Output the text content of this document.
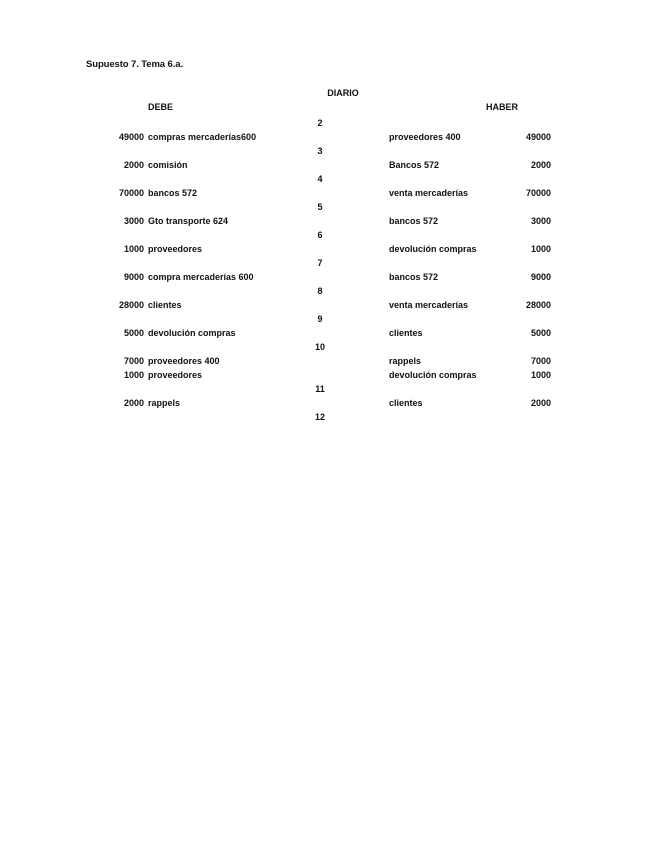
Supuesto 7. Tema 6.a.
DIARIO
DEBE	HABER
2
49000 compras mercaderías600	proveedores 400	49000
3
2000 comisión	Bancos 572	2000
4
70000 bancos 572	venta mercaderías	70000
5
3000 Gto transporte 624	bancos 572	3000
6
1000 proveedores	devolución compras	1000
7
9000 compra mercaderías 600	bancos 572	9000
8
28000 clientes	venta mercaderías	28000
9
5000 devolución compras	clientes	5000
10
7000 proveedores 400	rappels	7000
1000 proveedores	devolución compras	1000
11
2000 rappels	clientes	2000
12
